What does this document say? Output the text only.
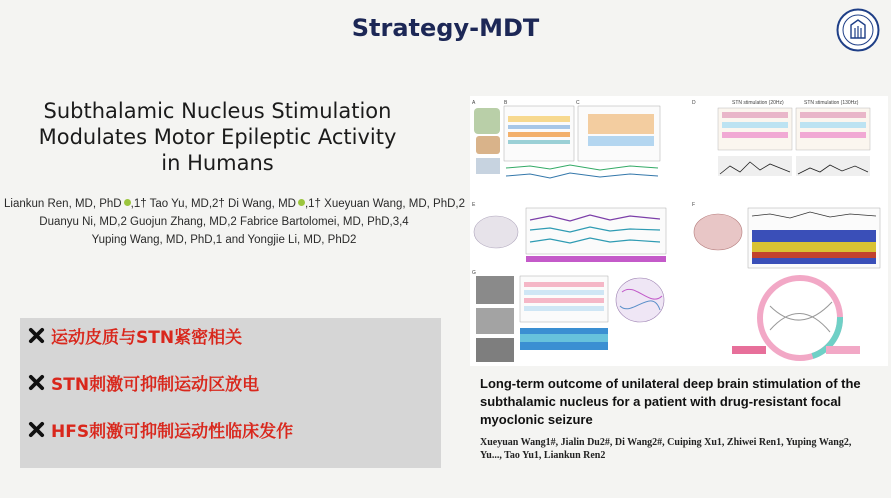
Strategy-MDT
Subthalamic Nucleus Stimulation
Modulates Motor Epileptic Activity
in Humans
Liankun Ren, MD, PhD ,1† Tao Yu, MD,2† Di Wang, MD ,1† Xueyuan Wang, MD, PhD,2
Duanyu Ni, MD,2 Guojun Zhang, MD,2 Fabrice Bartolomei, MD, PhD,3,4
Yuping Wang, MD, PhD,1 and Yongjie Li, MD, PhD2
运动皮质与STN紧密相关
STN刺激可抑制运动区放电
HFS刺激可抑制运动性临床发作
A	B	C	D	STN stimulation (20Hz)	STN stimulation (130Hz)
E	F
G
Long-term outcome of unilateral deep brain stimulation of the subthalamic nucleus for a patient with drug-resistant focal myoclonic seizure
Xueyuan Wang1#, Jialin Du2#, Di Wang2#, Cuiping Xu1, Zhiwei Ren1, Yuping Wang2, Yu..., Tao Yu1, Liankun Ren2
